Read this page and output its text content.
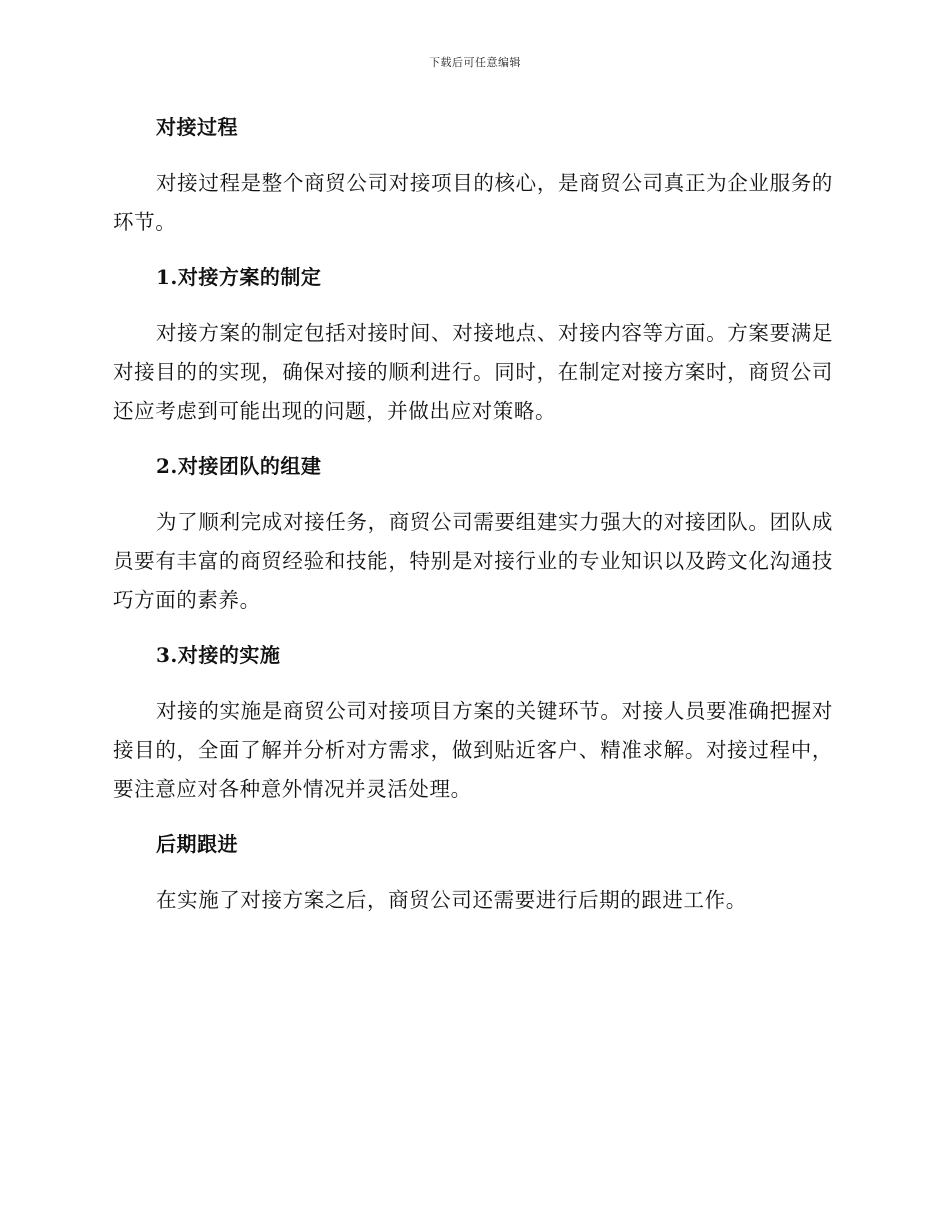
下载后可任意编辑
对接过程
对接过程是整个商贸公司对接项目的核心，是商贸公司真正为企业服务的环节。
1.对接方案的制定
对接方案的制定包括对接时间、对接地点、对接内容等方面。方案要满足对接目的的实现，确保对接的顺利进行。同时，在制定对接方案时，商贸公司还应考虑到可能出现的问题，并做出应对策略。
2.对接团队的组建
为了顺利完成对接任务，商贸公司需要组建实力强大的对接团队。团队成员要有丰富的商贸经验和技能，特别是对接行业的专业知识以及跨文化沟通技巧方面的素养。
3.对接的实施
对接的实施是商贸公司对接项目方案的关键环节。对接人员要准确把握对接目的，全面了解并分析对方需求，做到贴近客户、精准求解。对接过程中，要注意应对各种意外情况并灵活处理。
后期跟进
在实施了对接方案之后，商贸公司还需要进行后期的跟进工作。
